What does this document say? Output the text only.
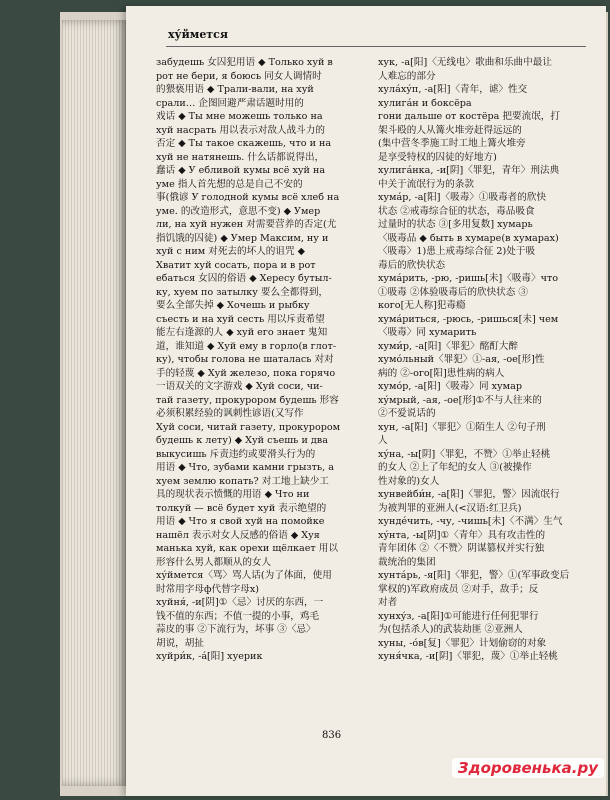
ху́ймется
забудешь 女囚犯用语 ◆ Только хуй в
рот не бери, я боюсь 同女人调情时
的猥亵用语 ◆ Трали-вали, на хуй
срали… 企图回避严肃话题时用的
戏话 ◆ Ты мне можешь только на
хуй насрать 用以表示对敌人战斗力的
否定 ◆ Ты такое скажешь, что и на
хуй не натянешь. 什么话都说得出，
蠢话 ◆ У ебливой кумы всё хуй на
уме 指人首先想的总是自己不安的
事(俄谚 У голодной кумы всё хлеб на
уме. 的改造形式，意思不变) ◆ Умер
ли, на хуй нужен 对需要营养的否定(尤
指饥饿的囚徒) ◆ Умер Максим, ну и
хуй с ним 对死去的坏人的诅咒 ◆
Хватит хуй сосать, пора и в рот
ебаться 女囚的俗语 ◆ Хересу бутыл-
ку, хуем по затылку 要么全都得到，
要么全部失掉 ◆ Хочешь и рыбку
съесть и на хуй сесть 用以斥责希望
能左右逢源的人 ◆ хуй его знает 鬼知
道，谁知道 ◆ Хуй ему в горло(в глот-
ку), чтобы голова не шаталась 对对
手的轻蔑 ◆ Хуй железо, пока горячо
一语双关的文字游戏 ◆ Хуй соси, чи-
тай газету, прокурором будешь 形容
必须积累经验的讽刺性谚语(又写作
Хуй соси, читай газету, прокурором
будешь к лету) ◆ Хуй съешь и два
выкусишь 斥责违约或要滑头行为的
用语 ◆ Что, зубами камни грызть, а
хуем землю копать? 对工地上缺少工
具的现状表示愤慨的用语 ◆ Что ни
толкуй — всё будет хуй 表示绝望的
用语 ◆ Что я свой хуй на помойке
нашёл 表示对女人反感的俗语 ◆ Хуя
манька хуй, как орехи щёлкает 用以
形容什么男人都顺从的女人
ху́ймется〈骂〉骂人话(为了体面，使用
时常用字母ф代替字母х)
хуйня́, -и[阴]①〈忌〉讨厌的东西，一
钱不值的东西；不值一提的小事，鸡毛
蒜皮的事 ②下流行为，坏事 ③〈忌〉
胡说，胡扯
хуйри́к, -а́[阳] хуерик
хук, -а[阳]〈无线电〉歌曲和乐曲中最让
人难忘的部分
хула́ху́п, -а[阳]〈青年，谑〉性交
хулига́н и боксёра
гони дальше от костёра 把要流氓，打
架斗殴的人从篝火堆旁赶得远远的
(集中营冬季施工时工地上篝火堆旁
是享受特权的囚徒的好地方)
хулига́нка, -и[阴]〈罪犯，青年〉刑法典
中关于流氓行为的条款
хума́р, -а[阳]〈吸毒〉①吸毒者的欣快
状态 ②戒毒综合征的状态，毒品吸食
过量时的状态 ③[多用复数] хумарь
〈吸毒品 ◆ быть в хумаре(в хумарах)
〈吸毒〉1)患上戒毒综合征 2)处于吸
毒后的欣快状态
хума́рить, -рю, -ришь[未]〈吸毒〉что
①吸毒 ②体验吸毒后的欣快状态 ③
кого[无人称]犯毒瘾
хума́риться, -рюсь, -ришься[未] чем
〈吸毒〉同 хумарить
хуми́р, -а[阳]〈罪犯〉酩酊大醉
хумо́льный〈罪犯〉①-ая, -ое[形]性
病的 ②-ого[阳]患性病的病人
хумо́р, -а[阳]〈吸毒〉同 хумар
ху́мрый, -ая, -ое[形]①不与人往来的
②不爱说话的
хун, -а[阳]〈罪犯〉①陌生人 ②句子刑
人
ху́на, -ы[阴]〈罪犯，不赞〉①举止轻桃
的女人 ②上了年纪的女人 ③(被操作
性对象的)女人
хунвейби́н, -а[阳]〈罪犯，警〉因流氓行
为被判罪的亚洲人(<汉语:红卫兵)
хунде́чить, -чу, -чишь[未]〈不满〉生气
ху́нта, -ы[阴]①〈青年〉具有攻击性的
青年团体 ②〈不赞〉阴谋篡权并实行独
裁统治的集团
хунта́рь, -я[阳]〈罪犯，警〉①(军事政变后
掌权的)军政府成员 ②对手，敌手；反
对者
хунхýз, -а[阳]①可能进行任何犯罪行
为(包括杀人)的武装劫匪 ②亚洲人
хуны, -о́в[复]〈罪犯〉计划偷窃的对象
хуня́чка, -и[阴]〈罪犯，蔑〉①举止轻桃
836
Здоровенька.ру
